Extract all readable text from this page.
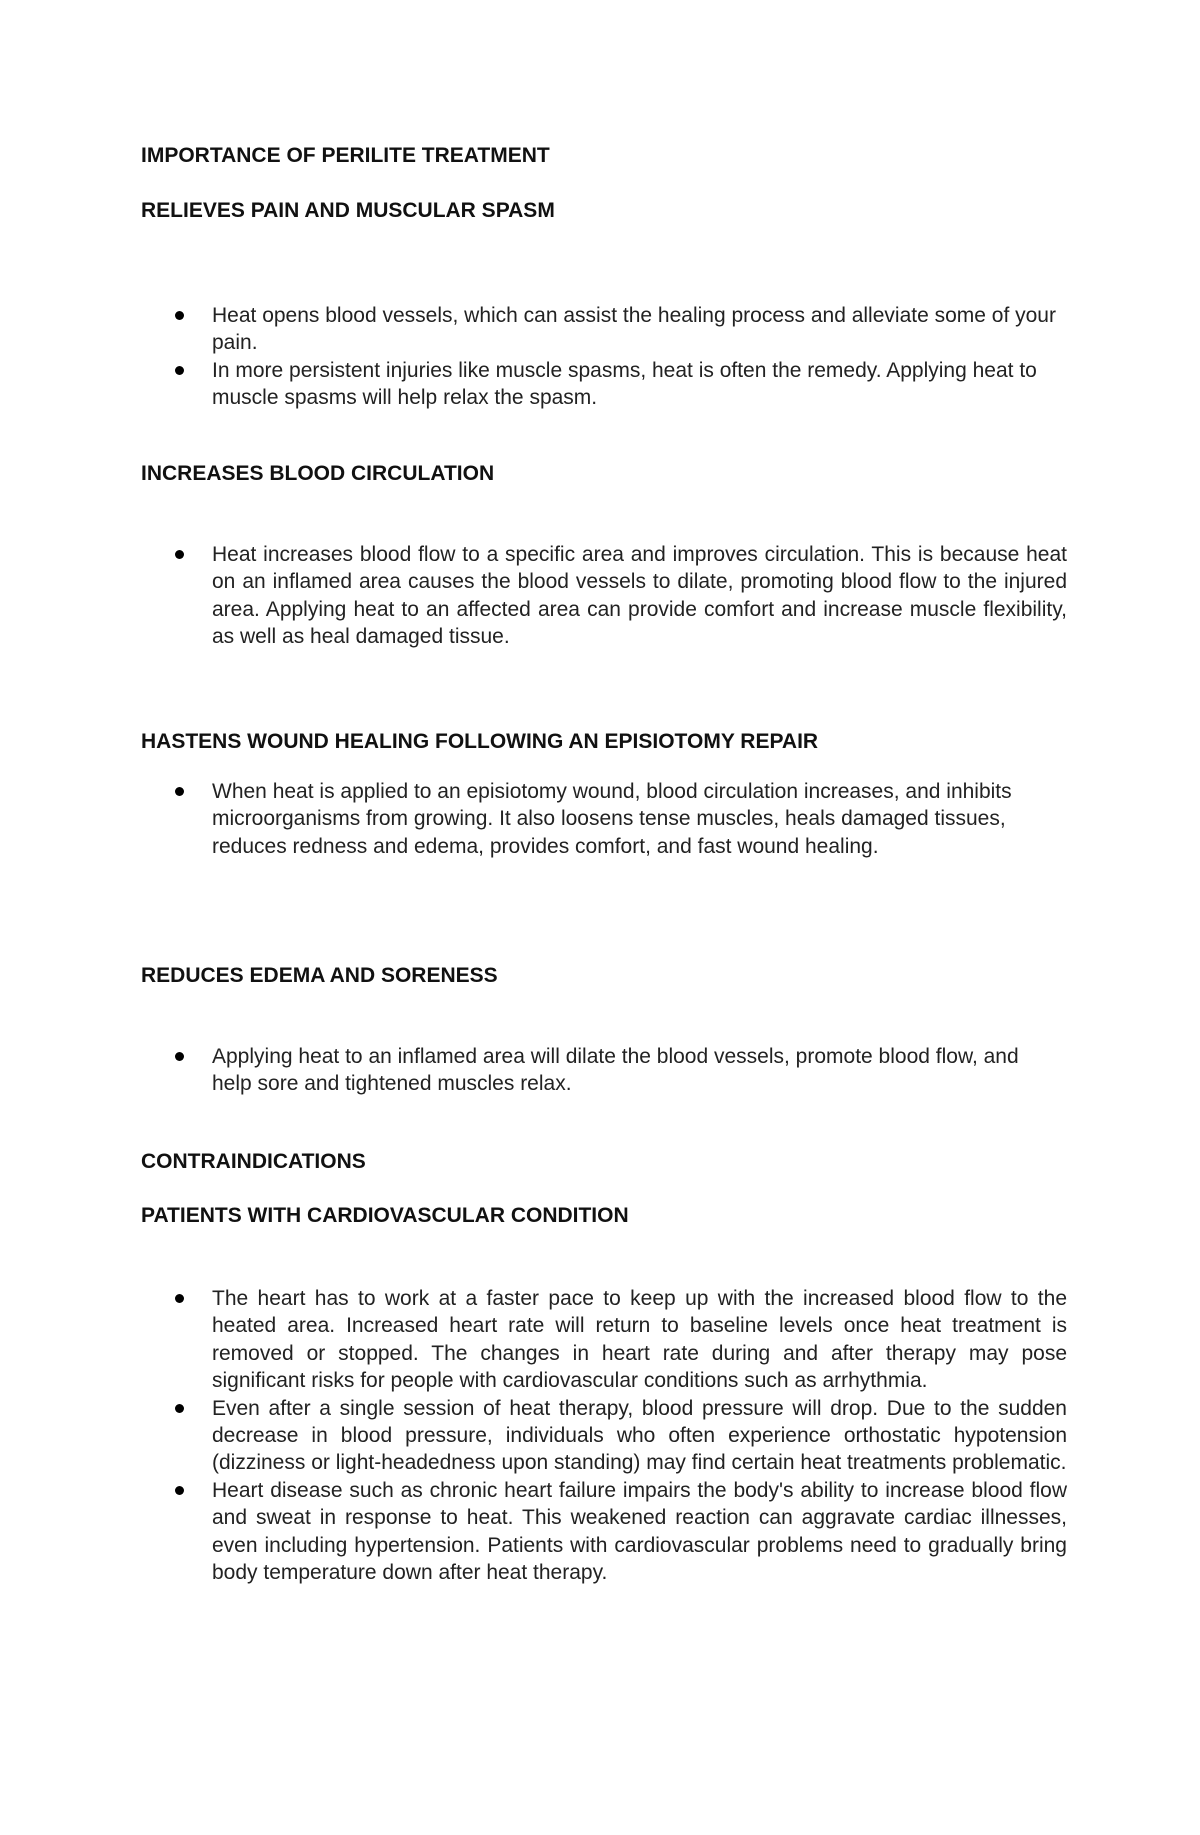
IMPORTANCE OF PERILITE TREATMENT
RELIEVES PAIN AND MUSCULAR SPASM
Heat opens blood vessels, which can assist the healing process and alleviate some of your pain.
In more persistent injuries like muscle spasms, heat is often the remedy. Applying heat to muscle spasms will help relax the spasm.
INCREASES BLOOD CIRCULATION
Heat increases blood flow to a specific area and improves circulation. This is because heat on an inflamed area causes the blood vessels to dilate, promoting blood flow to the injured area. Applying heat to an affected area can provide comfort and increase muscle flexibility, as well as heal damaged tissue.
HASTENS WOUND HEALING FOLLOWING AN EPISIOTOMY REPAIR
When heat is applied to an episiotomy wound, blood circulation increases, and inhibits microorganisms from growing. It also loosens tense muscles, heals damaged tissues, reduces redness and edema, provides comfort, and fast wound healing.
REDUCES EDEMA AND SORENESS
Applying heat to an inflamed area will dilate the blood vessels, promote blood flow, and help sore and tightened muscles relax.
CONTRAINDICATIONS
PATIENTS WITH CARDIOVASCULAR CONDITION
The heart has to work at a faster pace to keep up with the increased blood flow to the heated area. Increased heart rate will return to baseline levels once heat treatment is removed or stopped. The changes in heart rate during and after therapy may pose significant risks for people with cardiovascular conditions such as arrhythmia.
Even after a single session of heat therapy, blood pressure will drop. Due to the sudden decrease in blood pressure, individuals who often experience orthostatic hypotension (dizziness or light-headedness upon standing) may find certain heat treatments problematic.
Heart disease such as chronic heart failure impairs the body's ability to increase blood flow and sweat in response to heat. This weakened reaction can aggravate cardiac illnesses, even including hypertension. Patients with cardiovascular problems need to gradually bring body temperature down after heat therapy.
